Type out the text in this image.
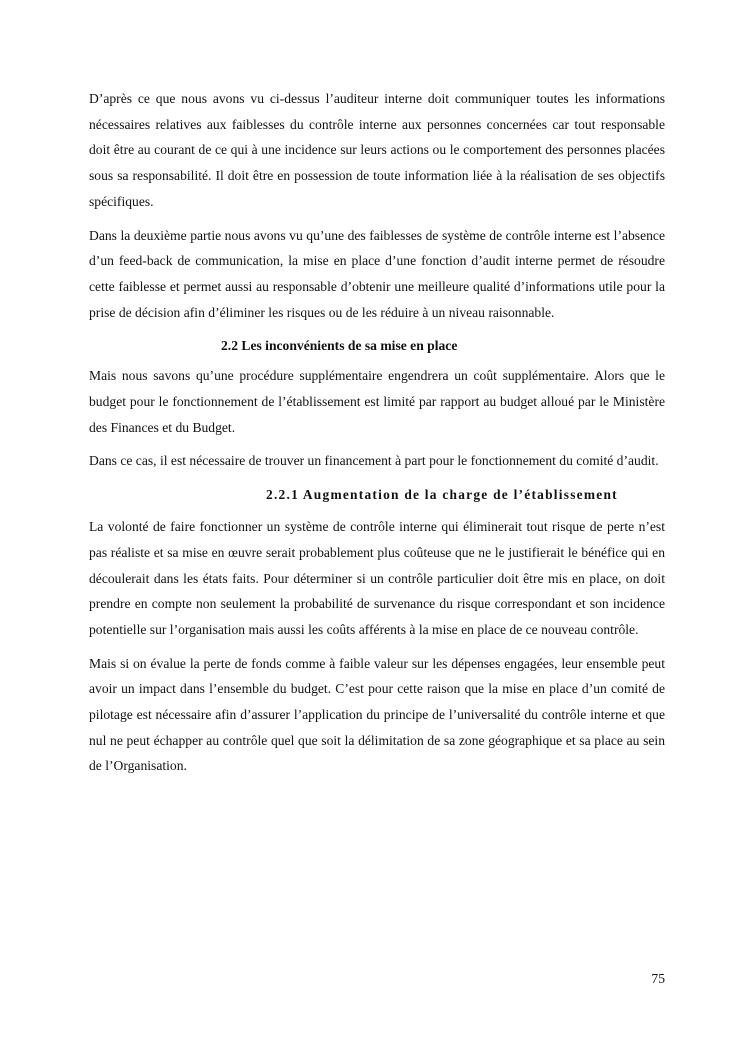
D’après ce que nous avons vu ci-dessus l’auditeur interne doit communiquer toutes les informations nécessaires relatives aux faiblesses du contrôle interne aux personnes concernées car tout responsable doit être au courant de ce qui à une incidence sur leurs actions ou le comportement des personnes placées sous sa responsabilité. Il doit être en possession de toute information liée à la réalisation de ses objectifs spécifiques.

Dans la deuxième partie nous avons vu qu’une des faiblesses de système de contrôle interne est l’absence d’un feed-back de communication, la mise en place d’une fonction d’audit interne permet de résoudre cette faiblesse et permet aussi au responsable d’obtenir une meilleure qualité d’informations utile pour la prise de décision afin d’éliminer les risques ou de les réduire à un niveau raisonnable.

2.2 Les inconvénients de sa mise en place

Mais nous savons qu’une procédure supplémentaire engendrera un coût supplémentaire. Alors que le budget pour le fonctionnement de l’établissement est limité par rapport au budget alloué par le Ministère des Finances et du Budget.

Dans ce cas, il est nécessaire de trouver un financement à part pour le fonctionnement du comité d’audit.

2.2.1 Augmentation de la charge de l’établissement

La volonté de faire fonctionner un système de contrôle interne qui éliminerait tout risque de perte n’est pas réaliste et sa mise en œuvre serait probablement plus coûteuse que ne le justifierait le bénéfice qui en découlerait dans les états faits. Pour déterminer si un contrôle particulier doit être mis en place, on doit prendre en compte non seulement la probabilité de survenance du risque correspondant et son incidence potentielle sur l’organisation mais aussi les coûts afférents à la mise en place de ce nouveau contrôle.

Mais si on évalue la perte de fonds comme à faible valeur sur les dépenses engagées, leur ensemble peut avoir un impact dans l’ensemble du budget. C’est pour cette raison que la mise en place d’un comité de pilotage est nécessaire afin d’assurer l’application du principe de l’universalité du contrôle interne et que nul ne peut échapper au contrôle quel que soit la délimitation de sa zone géographique et sa place au sein de l’Organisation.

75
